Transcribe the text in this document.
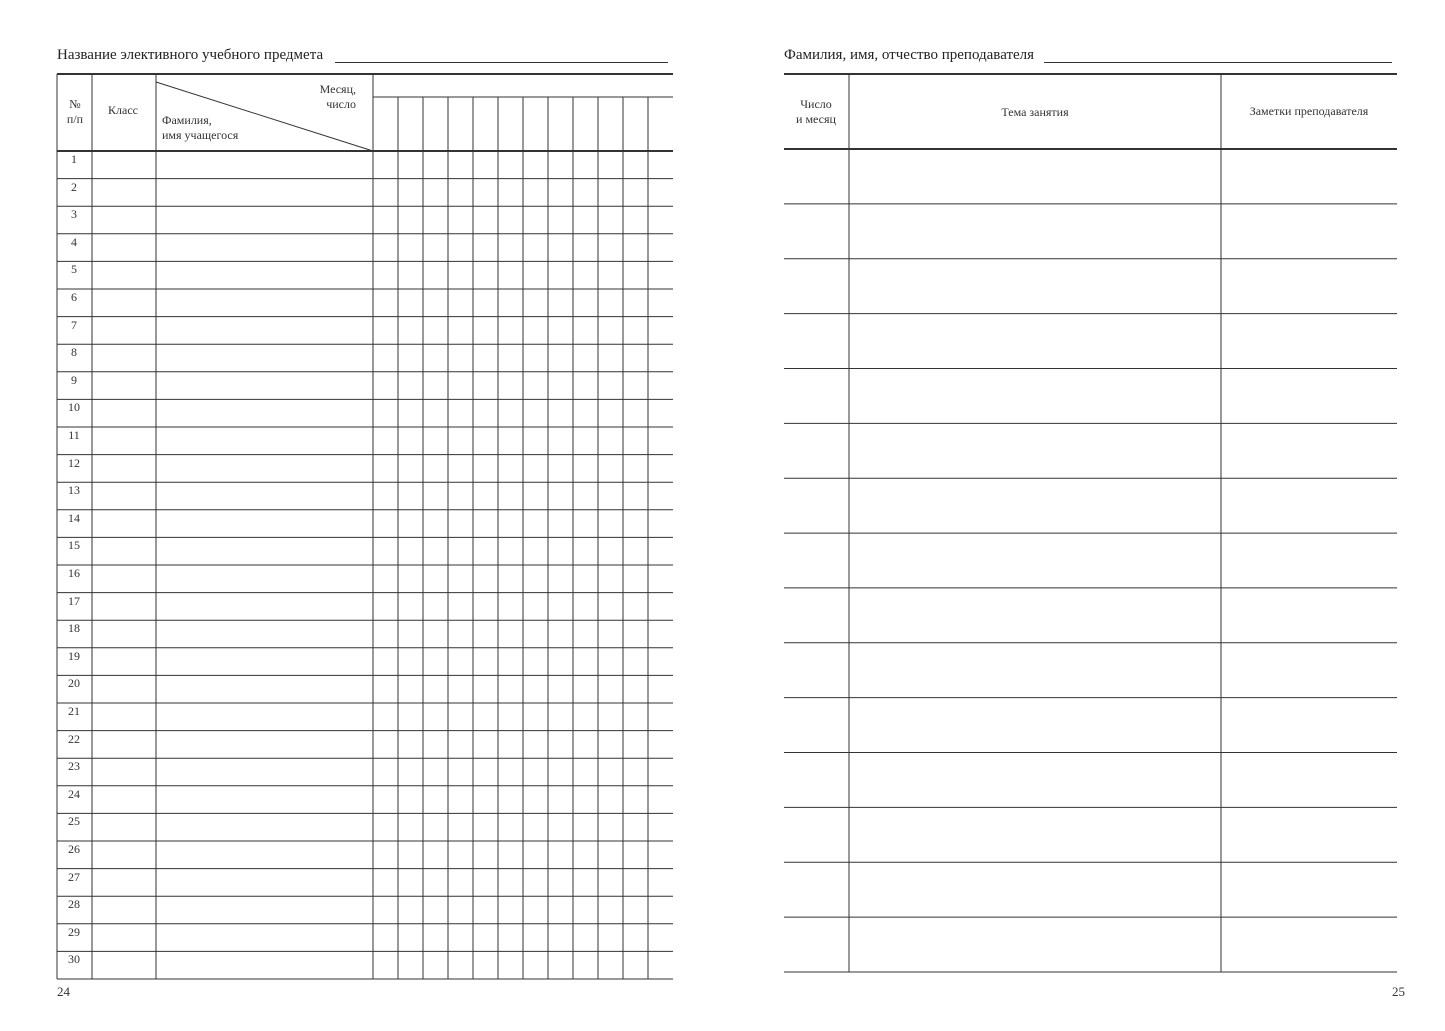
Название элективного учебного предмета
№
п/п
Класс
Фамилия,
имя учащегося
Месяц,
число
1
2
3
4
5
6
7
8
9
10
11
12
13
14
15
16
17
18
19
20
21
22
23
24
25
26
27
28
29
30
24
Фамилия, имя, отчество преподавателя
Число
и месяц	Тема занятия	Заметки преподавателя
25
